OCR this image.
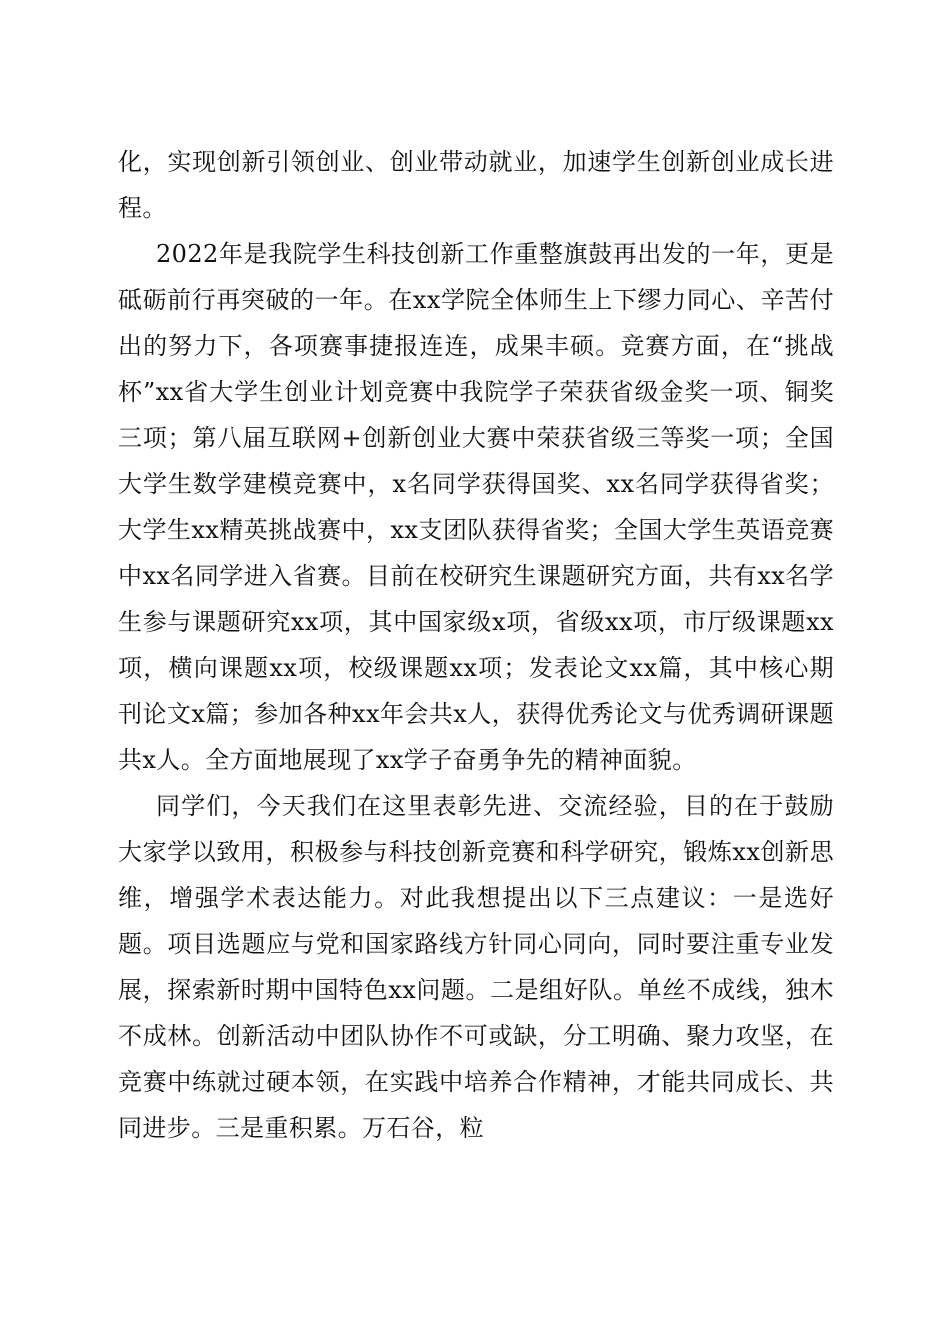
化，实现创新引领创业、创业带动就业，加速学生创新创业成长进程。

2022年是我院学生科技创新工作重整旗鼓再出发的一年，更是砥砺前行再突破的一年。在xx学院全体师生上下缪力同心、辛苦付出的努力下，各项赛事捷报连连，成果丰硕。竞赛方面，在“挑战杯”xx省大学生创业计划竞赛中我院学子荣获省级金奖一项、铜奖三项；第八届互联网+创新创业大赛中荣获省级三等奖一项；全国大学生数学建模竞赛中，x名同学获得国奖、xx名同学获得省奖；大学生xx精英挑战赛中，xx支团队获得省奖；全国大学生英语竞赛中xx名同学进入省赛。目前在校研究生课题研究方面，共有xx名学生参与课题研究xx项，其中国家级x项，省级xx项，市厅级课题xx项，横向课题xx项，校级课题xx项；发表论文xx篇，其中核心期刊论文x篇；参加各种xx年会共x人，获得优秀论文与优秀调研课题共x人。全方面地展现了xx学子奋勇争先的精神面貌。

同学们，今天我们在这里表彰先进、交流经验，目的在于鼓励大家学以致用，积极参与科技创新竞赛和科学研究，锻炼xx创新思维，增强学术表达能力。对此我想提出以下三点建议：一是选好题。项目选题应与党和国家路线方针同心同向，同时要注重专业发展，探索新时期中国特色xx问题。二是组好队。单丝不成线，独木不成林。创新活动中团队协作不可或缺，分工明确、聚力攻坚，在竞赛中练就过硬本领，在实践中培养合作精神，才能共同成长、共同进步。三是重积累。万石谷，粒
